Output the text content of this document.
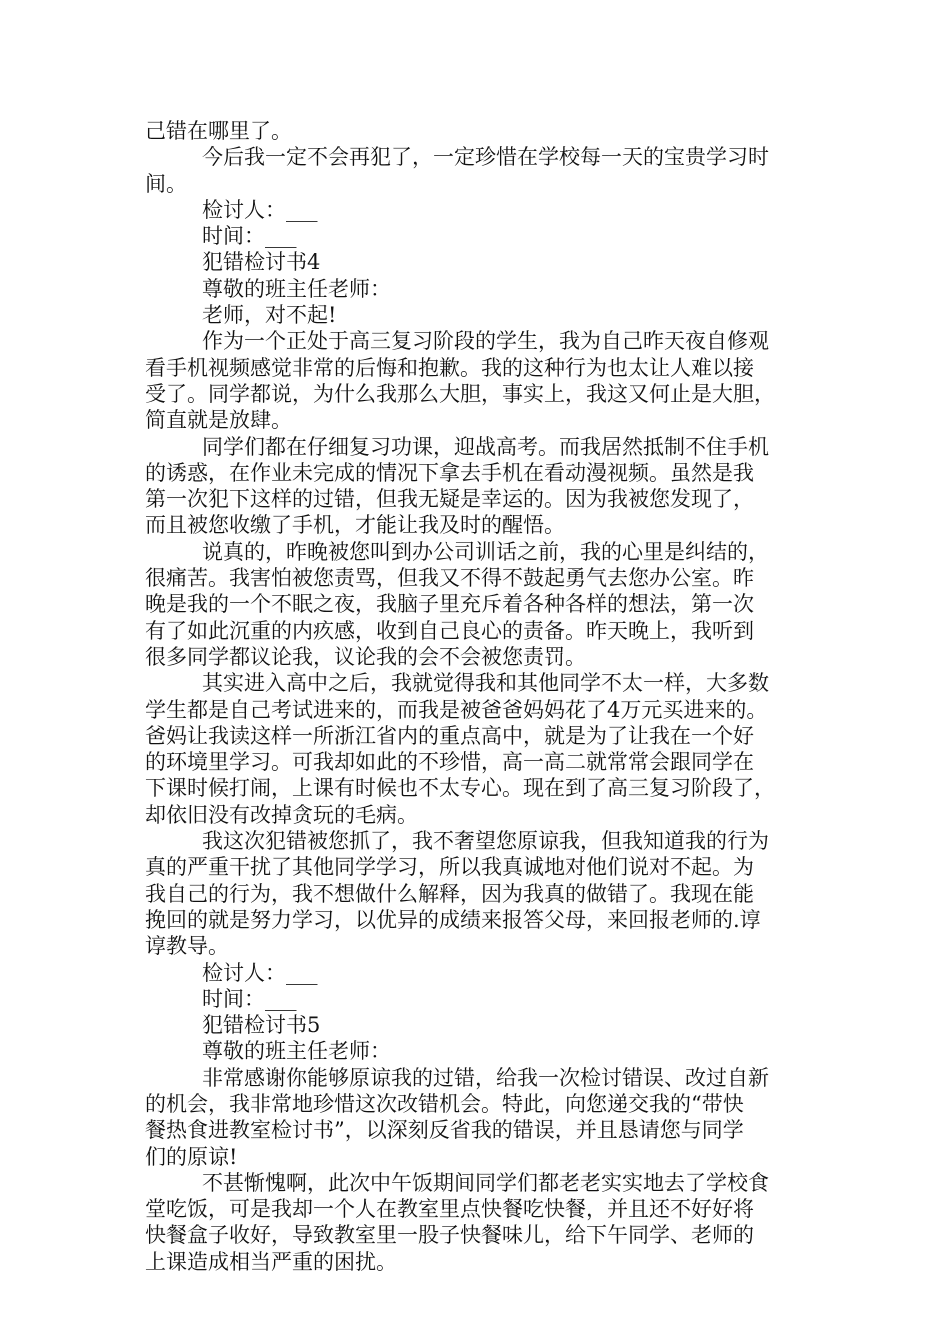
己错在哪里了。
今后我一定不会再犯了，一定珍惜在学校每一天的宝贵学习时
间。
检讨人：___
时间：___
犯错检讨书4
尊敬的班主任老师：
老师，对不起!
作为一个正处于高三复习阶段的学生，我为自己昨天夜自修观
看手机视频感觉非常的后悔和抱歉。我的这种行为也太让人难以接
受了。同学都说，为什么我那么大胆，事实上，我这又何止是大胆，
简直就是放肆。
同学们都在仔细复习功课，迎战高考。而我居然抵制不住手机
的诱惑，在作业未完成的情况下拿去手机在看动漫视频。虽然是我
第一次犯下这样的过错，但我无疑是幸运的。因为我被您发现了，
而且被您收缴了手机，才能让我及时的醒悟。
说真的，昨晚被您叫到办公司训话之前，我的心里是纠结的，
很痛苦。我害怕被您责骂，但我又不得不鼓起勇气去您办公室。昨
晚是我的一个不眠之夜，我脑子里充斥着各种各样的想法，第一次
有了如此沉重的内疚感，收到自己良心的责备。昨天晚上，我听到
很多同学都议论我，议论我的会不会被您责罚。
其实进入高中之后，我就觉得我和其他同学不太一样，大多数
学生都是自己考试进来的，而我是被爸爸妈妈花了4万元买进来的。
爸妈让我读这样一所浙江省内的重点高中，就是为了让我在一个好
的环境里学习。可我却如此的不珍惜，高一高二就常常会跟同学在
下课时候打闹，上课有时候也不太专心。现在到了高三复习阶段了，
却依旧没有改掉贪玩的毛病。
我这次犯错被您抓了，我不奢望您原谅我，但我知道我的行为
真的严重干扰了其他同学学习，所以我真诚地对他们说对不起。为
我自己的行为，我不想做什么解释，因为我真的做错了。我现在能
挽回的就是努力学习，以优异的成绩来报答父母，来回报老师的.谆
谆教导。
检讨人：___
时间：___
犯错检讨书5
尊敬的班主任老师：
非常感谢你能够原谅我的过错，给我一次检讨错误、改过自新
的机会，我非常地珍惜这次改错机会。特此，向您递交我的“带快
餐热食进教室检讨书”，以深刻反省我的错误，并且恳请您与同学
们的原谅!
不甚惭愧啊，此次中午饭期间同学们都老老实实地去了学校食
堂吃饭，可是我却一个人在教室里点快餐吃快餐，并且还不好好将
快餐盒子收好，导致教室里一股子快餐味儿，给下午同学、老师的
上课造成相当严重的困扰。
